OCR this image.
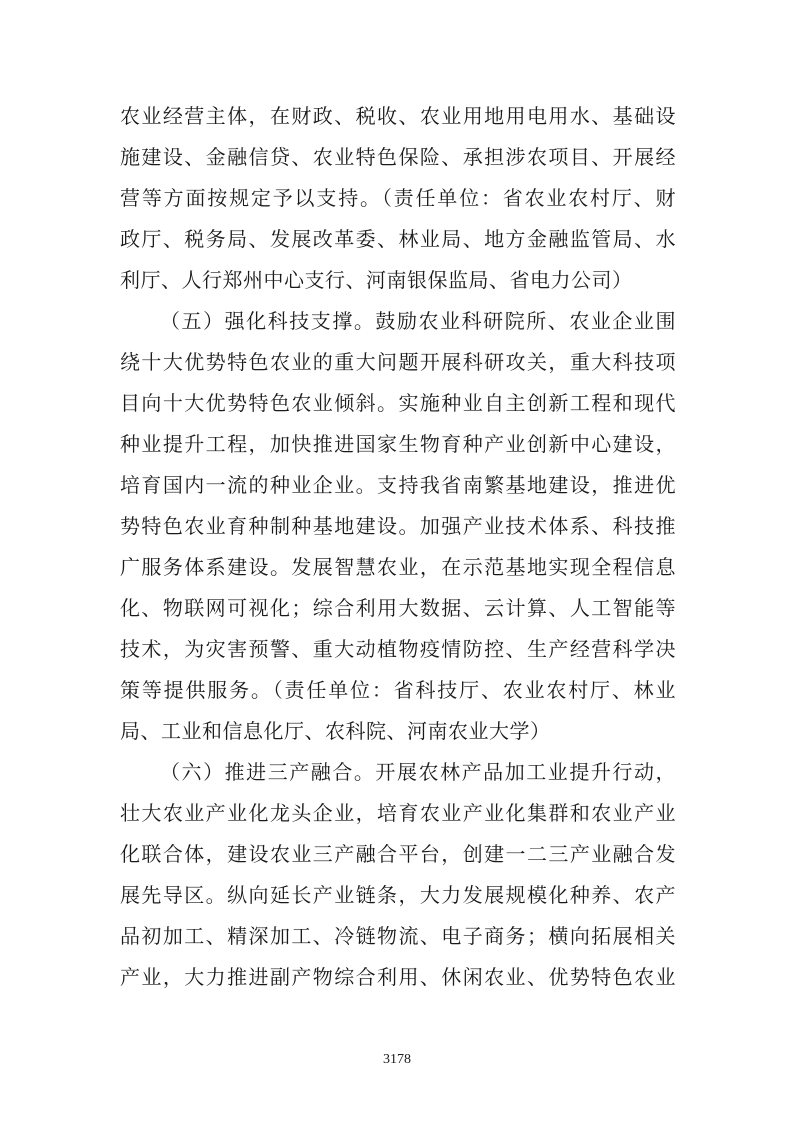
农业经营主体，在财政、税收、农业用地用电用水、基础设
施建设、金融信贷、农业特色保险、承担涉农项目、开展经
营等方面按规定予以支持。（责任单位：省农业农村厅、财
政厅、税务局、发展改革委、林业局、地方金融监管局、水
利厅、人行郑州中心支行、河南银保监局、省电力公司）
（五）强化科技支撑。鼓励农业科研院所、农业企业围
绕十大优势特色农业的重大问题开展科研攻关，重大科技项
目向十大优势特色农业倾斜。实施种业自主创新工程和现代
种业提升工程，加快推进国家生物育种产业创新中心建设，
培育国内一流的种业企业。支持我省南繁基地建设，推进优
势特色农业育种制种基地建设。加强产业技术体系、科技推
广服务体系建设。发展智慧农业，在示范基地实现全程信息
化、物联网可视化；综合利用大数据、云计算、人工智能等
技术，为灾害预警、重大动植物疫情防控、生产经营科学决
策等提供服务。（责任单位：省科技厅、农业农村厅、林业
局、工业和信息化厅、农科院、河南农业大学）
（六）推进三产融合。开展农林产品加工业提升行动，
壮大农业产业化龙头企业，培育农业产业化集群和农业产业
化联合体，建设农业三产融合平台，创建一二三产业融合发
展先导区。纵向延长产业链条，大力发展规模化种养、农产
品初加工、精深加工、冷链物流、电子商务；横向拓展相关
产业，大力推进副产物综合利用、休闲农业、优势特色农业
3178
